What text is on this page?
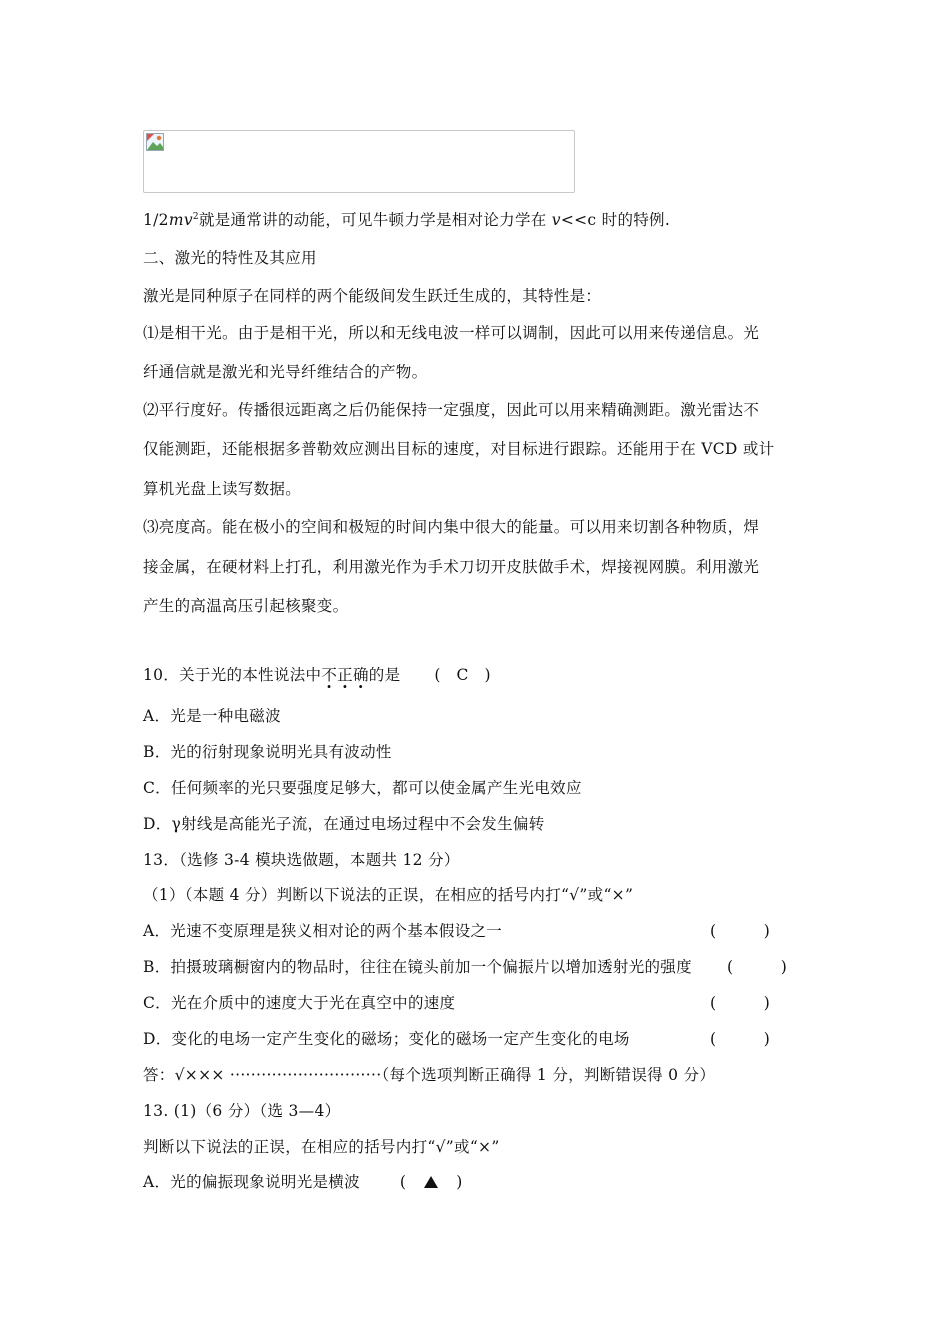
$1/2mv^2$就是通常讲的动能，可见牛顿力学是相对论力学在 v<<c 时的特例.
二、激光的特性及其应用
激光是同种原子在同样的两个能级间发生跃迁生成的，其特性是：
⑴是相干光。由于是相干光，所以和无线电波一样可以调制，因此可以用来传递信息。光
纤通信就是激光和光导纤维结合的产物。
⑵平行度好。传播很远距离之后仍能保持一定强度，因此可以用来精确测距。激光雷达不
仅能测距，还能根据多普勒效应测出目标的速度，对目标进行跟踪。还能用于在 VCD 或计
算机光盘上读写数据。
⑶亮度高。能在极小的空间和极短的时间内集中很大的能量。可以用来切割各种物质，焊
接金属，在硬材料上打孔，利用激光作为手术刀切开皮肤做手术，焊接视网膜。利用激光
产生的高温高压引起核聚变。
10．关于光的本性说法中不正确的是 (　C　)
A．光是一种电磁波
B．光的衍射现象说明光具有波动性
C．任何频率的光只要强度足够大，都可以使金属产生光电效应
D．γ射线是高能光子流，在通过电场过程中不会发生偏转
13．（选修 3-4 模块选做题，本题共 12 分）
（1）（本题 4 分）判断以下说法的正误，在相应的括号内打“√”或“×”
A．光速不变原理是狭义相对论的两个基本假设之一	(　　　)
B．拍摄玻璃橱窗内的物品时，往往在镜头前加一个偏振片以增加透射光的强度 (　　　)
C．光在介质中的速度大于光在真空中的速度	(　　　)
D．变化的电场一定产生变化的磁场；变化的磁场一定产生变化的电场	(　　　)
答：√××× ·····························（每个选项判断正确得 1 分，判断错误得 0 分）
13. (1)（6 分）（选 3—4）
判断以下说法的正误，在相应的括号内打“√”或“×”
A．光的偏振现象说明光是横波	(	)
